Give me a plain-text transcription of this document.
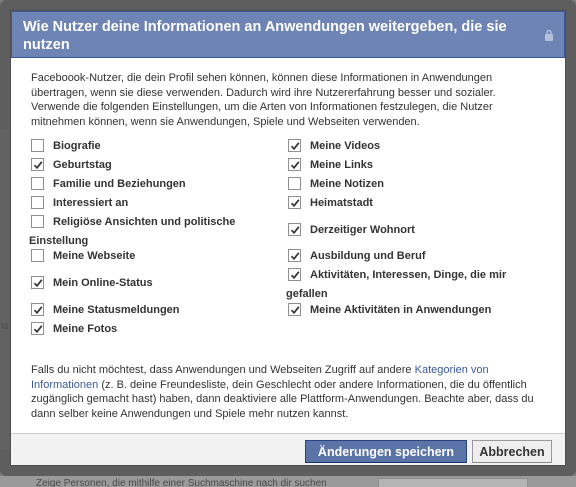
Zeige Personen, die mithilfe einer Suchmaschine nach dir suchen
Wie Nutzer deine Informationen an Anwendungen weitergeben, die sie nutzen

Faceboook-Nutzer, die dein Profil sehen können, können diese Informationen in Anwendungen übertragen, wenn sie diese verwenden. Dadurch wird ihre Nutzererfahrung besser und sozialer. Verwende die folgenden Einstellungen, um die Arten von Informationen festzulegen, die Nutzer mitnehmen können, wenn sie Anwendungen, Spiele und Webseiten verwenden.

Biografie
Geburtstag
Familie und Beziehungen
Interessiert an
Religiöse Ansichten und politische
Einstellung
Meine Webseite
Mein Online-Status
Meine Statusmeldungen
Meine Fotos
Meine Videos
Meine Links
Meine Notizen
Heimatstadt
Derzeitiger Wohnort
Ausbildung und Beruf
Aktivitäten, Interessen, Dinge, die mir
gefallen
Meine Aktivitäten in Anwendungen

Falls du nicht möchtest, dass Anwendungen und Webseiten Zugriff auf andere Kategorien von Informationen (z. B. deine Freundesliste, dein Geschlecht oder andere Informationen, die du öffentlich zugänglich gemacht hast) haben, dann deaktiviere alle Plattform-Anwendungen. Beachte aber, dass du dann selber keine Anwendungen und Spiele mehr nutzen kannst.

Änderungen speichern	Abbrechen
